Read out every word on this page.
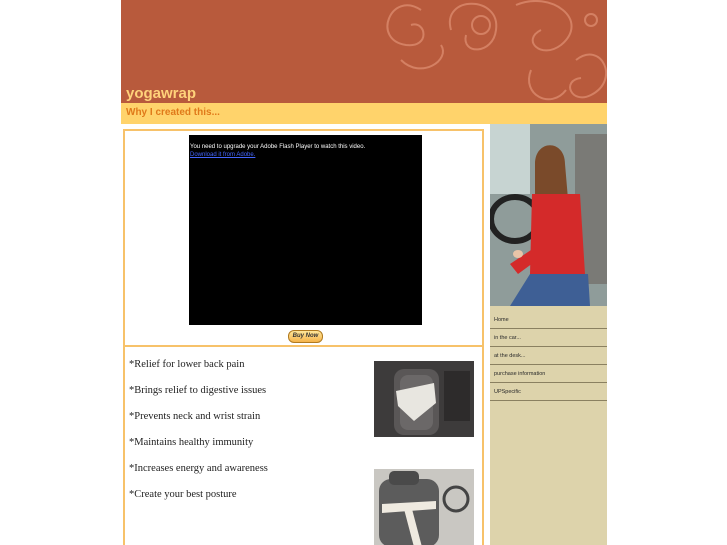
yogawrap
Why I created this...
You need to upgrade your Adobe Flash Player to watch this video.
Download it from Adobe.
Buy Now
*Relief for lower back pain
*Brings relief to digestive issues
*Prevents neck and wrist strain
*Maintains healthy immunity
*Increases energy and awareness
*Create your best posture
Home
in the car...
at the desk...
purchase information
UPSpecific
